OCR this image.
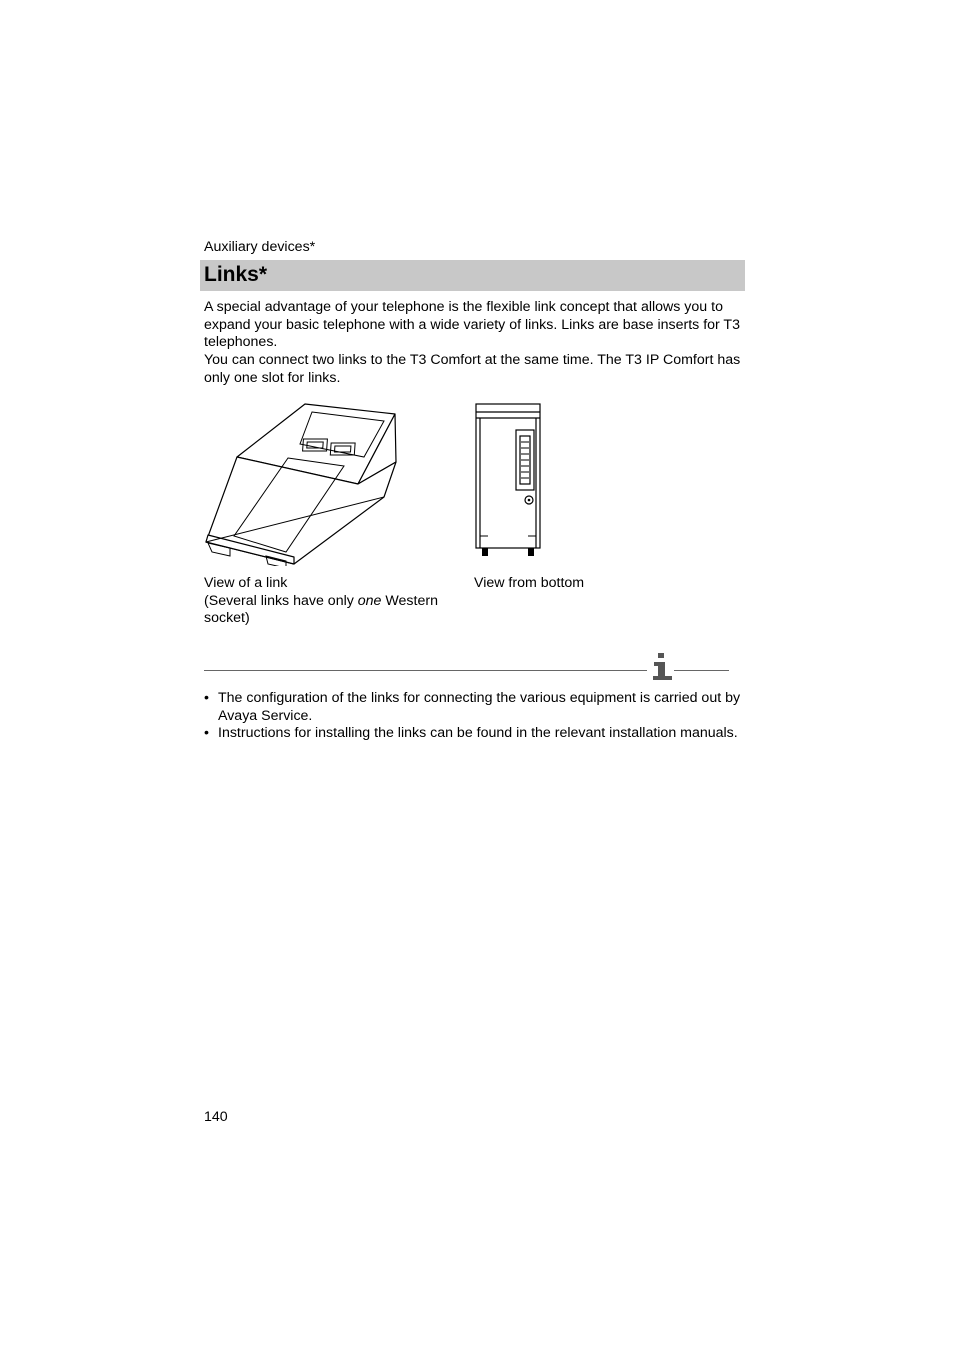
Auxiliary devices*
Links*

A special advantage of your telephone is the flexible link concept that allows you to expand your basic telephone with a wide variety of links. Links are base inserts for T3 telephones.

You can connect two links to the T3 Comfort at the same time. The T3 IP Comfort has only one slot for links.

View of a link
(Several links have only one Western socket)
View from bottom
• The configuration of the links for connecting the various equipment is carried out by Avaya Service.
• Instructions for installing the links can be found in the relevant installation manuals.
140
